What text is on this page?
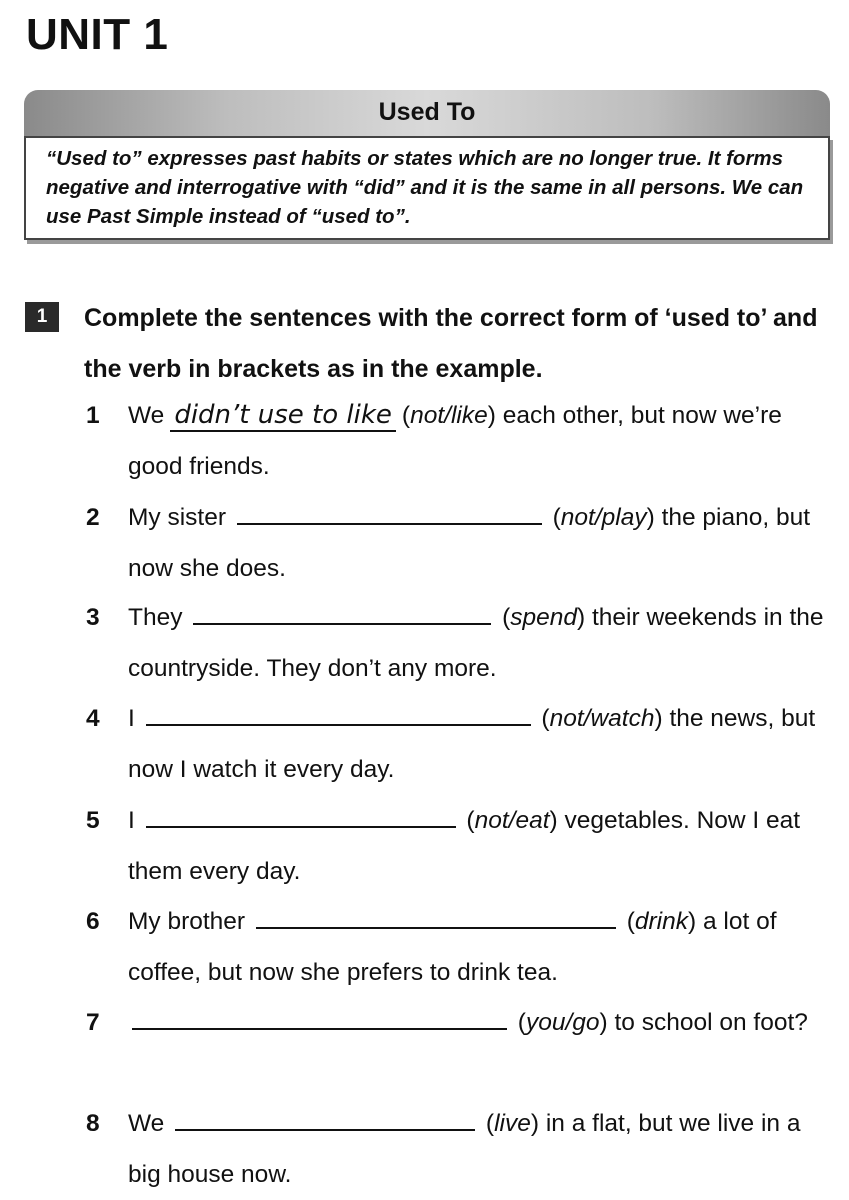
UNIT 1
Used To

“Used to” expresses past habits or states which are no longer true. It forms negative and interrogative with “did” and it is the same in all persons. We can use Past Simple instead of “used to”.

1	Complete the sentences with the correct form of ‘used to’ and the verb in brackets as in the example.

1 We didn’t use to like (not/like) each other, but now we’re good friends.
2 My sister	(not/play) the piano, but now she does.
3 They	(spend) their weekends in the countryside. They don’t any more.
4 I	(not/watch) the news, but now I watch it every day.
5 I	(not/eat) vegetables. Now I eat them every day.
6 My brother	(drink) a lot of coffee, but now she prefers to drink tea.
7	(you/go) to school on foot?
8 We	(live) in a flat, but we live in a big house now.
